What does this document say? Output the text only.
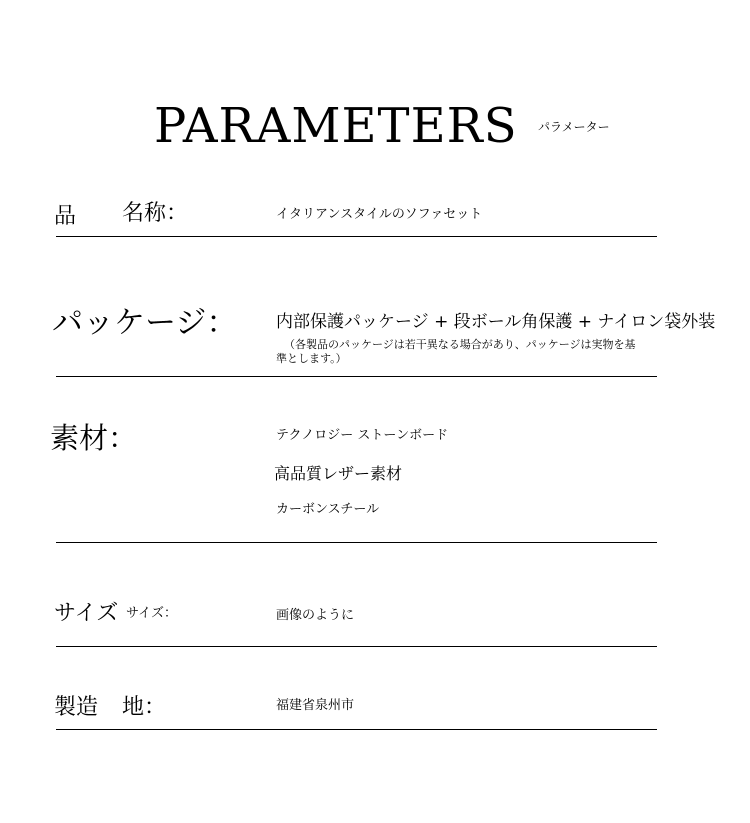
PARAMETERS パラメーター
品 名称：	イタリアンスタイルのソファセット
パッケージ： 内部保護パッケージ + 段ボール角保護 + ナイロン袋外装
（各製品のパッケージは若干異なる場合があり、パッケージは実物を基
準とします。）
素材：	テクノロジー ストーンボード
高品質レザー素材
カーボンスチール
サイズ サイズ：	画像のように
製造 地：	福建省泉州市
